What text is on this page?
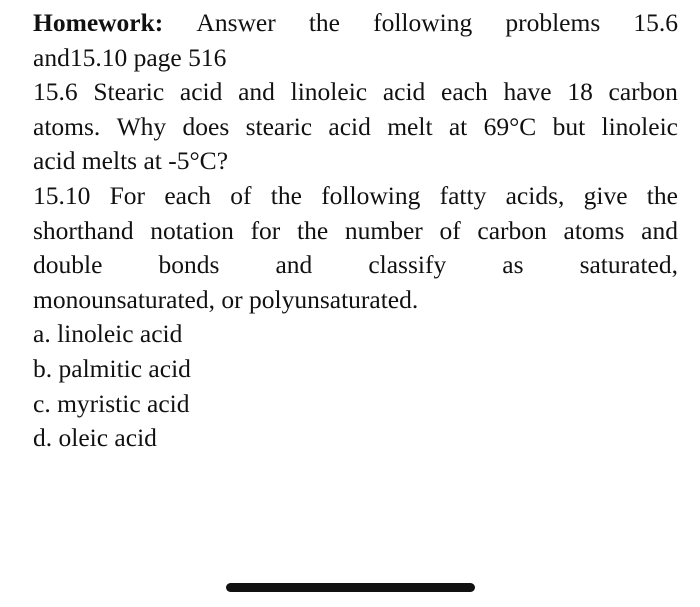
Homework: Answer the following problems 15.6
and15.10 page 516
15.6 Stearic acid and linoleic acid each have 18 carbon
atoms. Why does stearic acid melt at 69°C but linoleic
acid melts at -5°C?
15.10 For each of the following fatty acids, give the
shorthand notation for the number of carbon atoms and
double bonds and classify as saturated,
monounsaturated, or polyunsaturated.
a. linoleic acid
b. palmitic acid
c. myristic acid
d. oleic acid
